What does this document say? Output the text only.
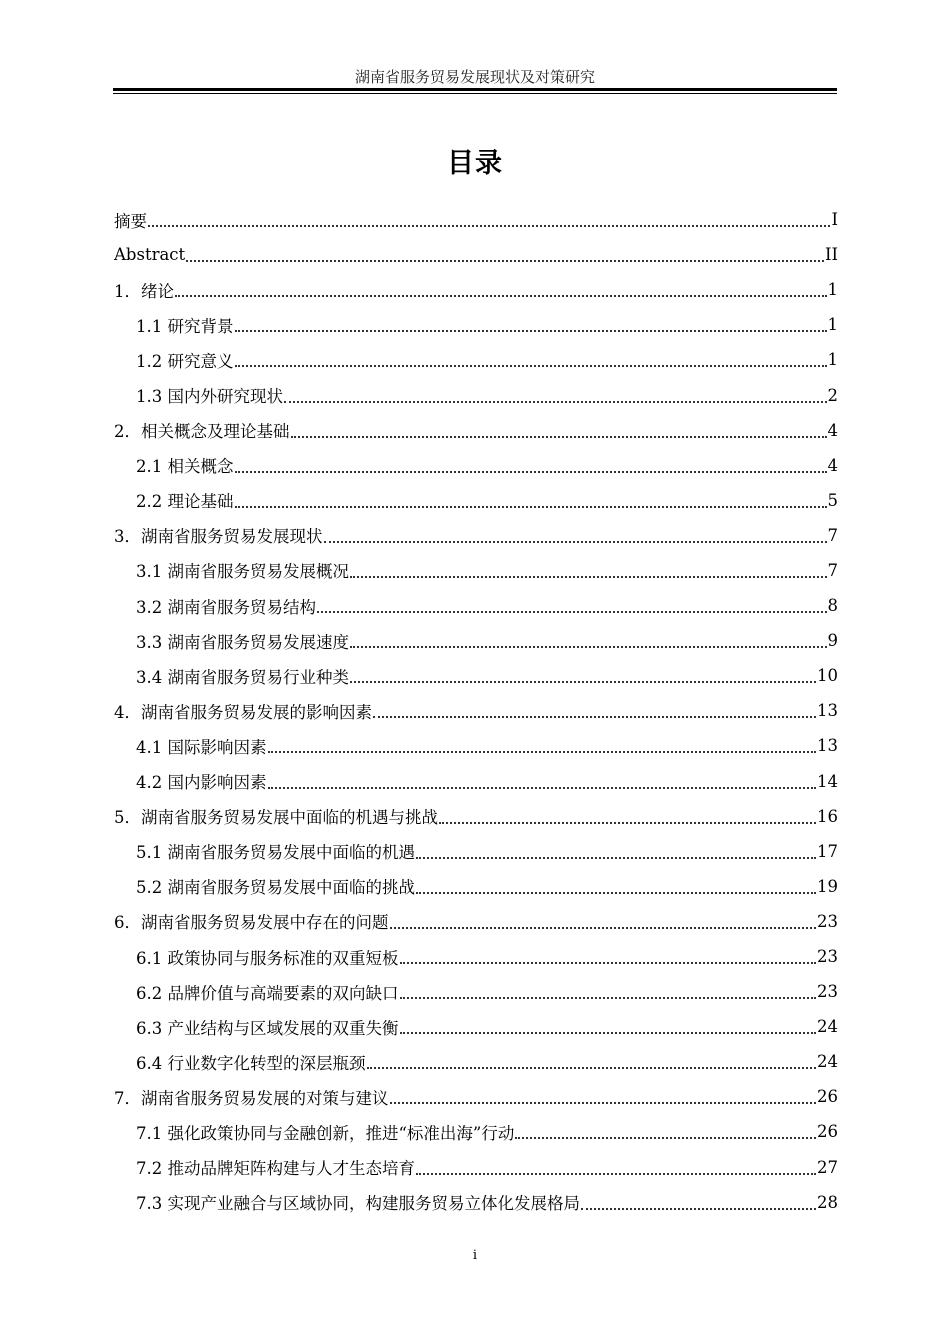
湖南省服务贸易发展现状及对策研究
目录
摘要	I
Abstract	II
1．绪论	1
1.1 研究背景	1
1.2 研究意义	1
1.3 国内外研究现状	2
2．相关概念及理论基础	4
2.1 相关概念	4
2.2 理论基础	5
3．湖南省服务贸易发展现状	7
3.1 湖南省服务贸易发展概况	7
3.2 湖南省服务贸易结构	8
3.3 湖南省服务贸易发展速度	9
3.4 湖南省服务贸易行业种类	10
4．湖南省服务贸易发展的影响因素	13
4.1 国际影响因素	13
4.2 国内影响因素	14
5．湖南省服务贸易发展中面临的机遇与挑战	16
5.1 湖南省服务贸易发展中面临的机遇	17
5.2 湖南省服务贸易发展中面临的挑战	19
6．湖南省服务贸易发展中存在的问题	23
6.1 政策协同与服务标准的双重短板	23
6.2 品牌价值与高端要素的双向缺口	23
6.3 产业结构与区域发展的双重失衡	24
6.4 行业数字化转型的深层瓶颈	24
7．湖南省服务贸易发展的对策与建议	26
7.1 强化政策协同与金融创新，推进“标准出海”行动	26
7.2 推动品牌矩阵构建与人才生态培育	27
7.3 实现产业融合与区域协同，构建服务贸易立体化发展格局	28
i
